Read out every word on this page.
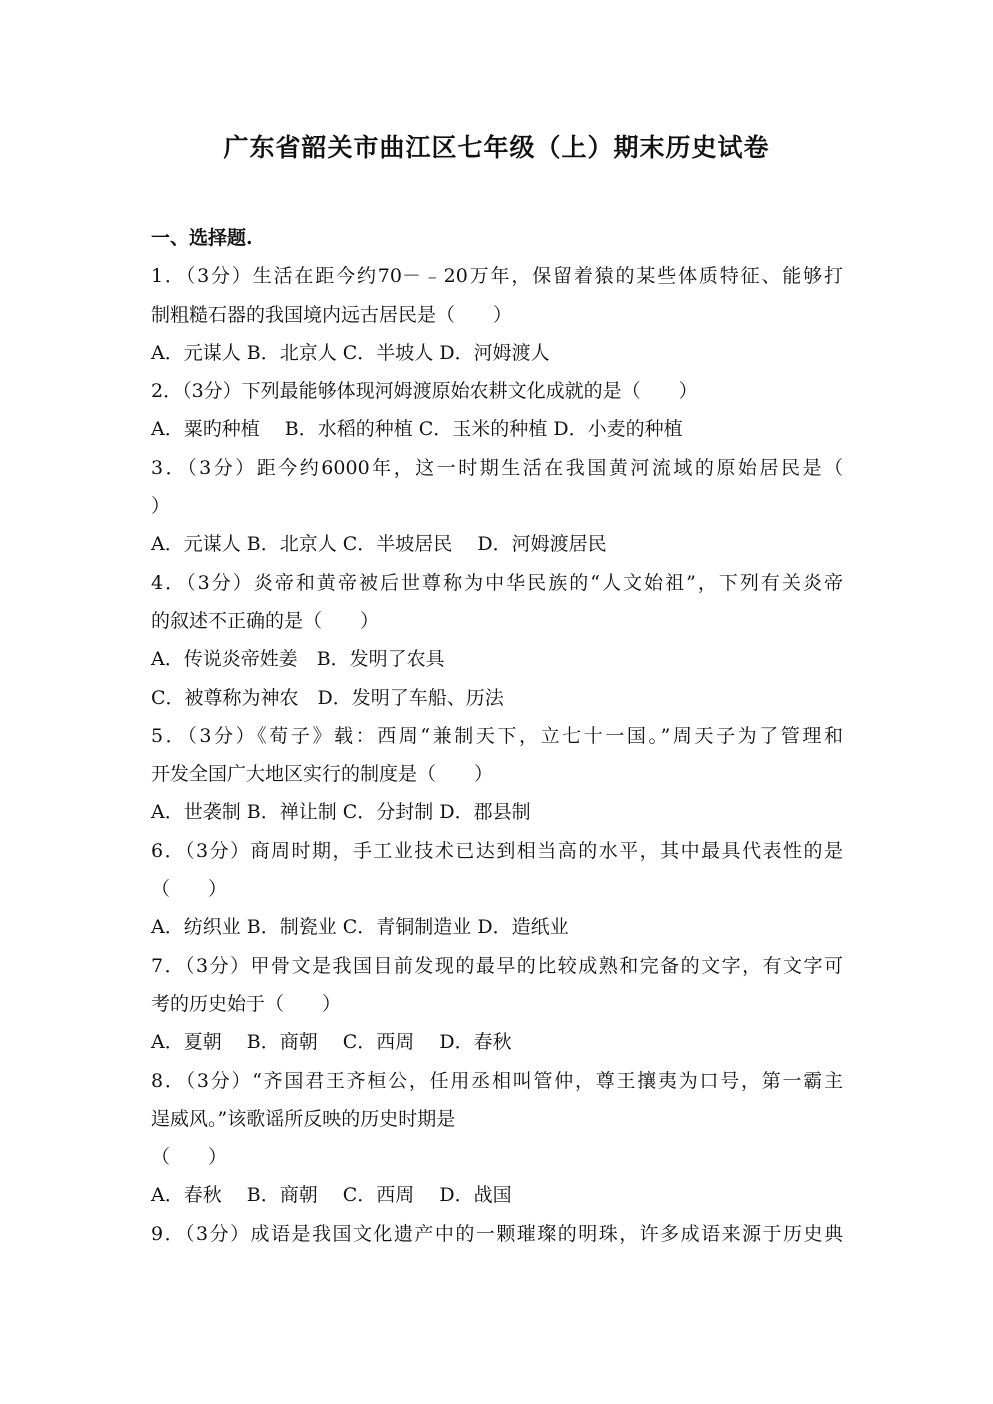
广东省韶关市曲江区七年级（上）期末历史试卷
一、选择题.
1．（3分）生活在距今约70－﹣20万年，保留着猿的某些体质特征、能够打
制粗糙石器的我国境内远古居民是（　　）
A．元谋人 B．北京人 C．半坡人 D．河姆渡人
2．（3分）下列最能够体现河姆渡原始农耕文化成就的是（　　）
A．粟旳种植　 B．水稻的种植 C．玉米的种植 D．小麦的种植
3．（3分）距今约6000年，这一时期生活在我国黄河流域的原始居民是（
）
A．元谋人 B．北京人 C．半坡居民　 D．河姆渡居民
4．（3分）炎帝和黄帝被后世尊称为中华民族的“人文始祖”，下列有关炎帝
的叙述不正确的是（　　）
A．传说炎帝姓姜　B．发明了农具
C．被尊称为神农　D．发明了车船、历法
5．（3分）《荀子》载：西周“兼制天下，立七十一国。”周天子为了管理和
开发全国广大地区实行的制度是（　　）
A．世袭制 B．禅让制 C．分封制 D．郡县制
6．（3分）商周时期，手工业技术已达到相当高的水平，其中最具代表性的是
（　　）
A．纺织业 B．制瓷业 C．青铜制造业 D．造纸业
7．（3分）甲骨文是我国目前发现的最早的比较成熟和完备的文字，有文字可
考的历史始于（　　）
A．夏朝　 B．商朝　 C．西周　 D．春秋
8．（3分）“齐国君王齐桓公，任用丞相叫管仲，尊王攘夷为口号，第一霸主
逞威风。”该歌谣所反映的历史时期是
（　　）
A．春秋　 B．商朝　 C．西周　 D．战国
9．（3分）成语是我国文化遗产中的一颗璀璨的明珠，许多成语来源于历史典
